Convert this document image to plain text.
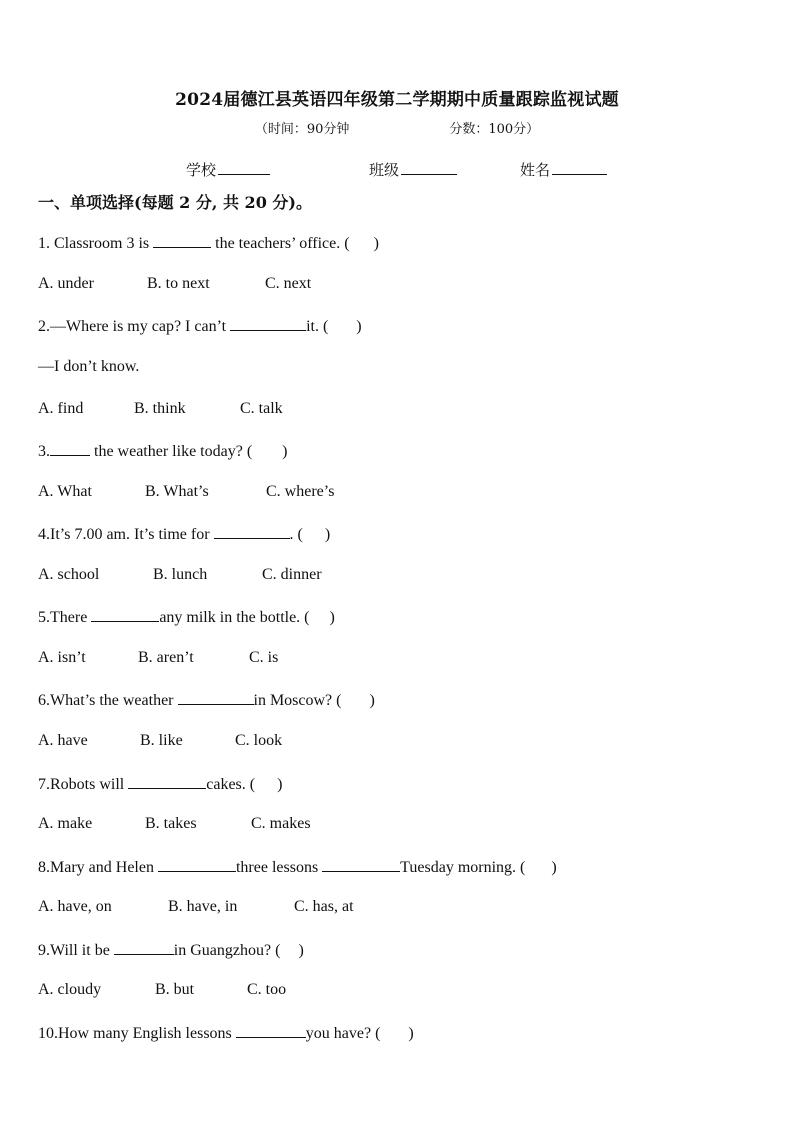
2024届德江县英语四年级第二学期期中质量跟踪监视试题
（时间：90分钟	分数：100分）
学校	班级	姓名
一、单项选择(每题 2 分, 共 20 分)。
1. Classroom 3 is	the teachers’ office. ( )
A. under	B. to next	C. next
2.—Where is my cap? I can’t	it. ( )
—I don’t know.
A. find	B. think	C. talk
3.	the weather like today? ( )
A. What	B. What’s	C. where’s
4.It’s 7.00 am. It’s time for	. ( )
A. school	B. lunch	C. dinner
5.There	any milk in the bottle. ( )
A. isn’t	B. aren’t	C. is
6.What’s the weather	in Moscow? ( )
A. have	B. like	C. look
7.Robots will	cakes. ( )
A. make	B. takes	C. makes
8.Mary and Helen	three lessons	Tuesday morning. ( )
A. have, on	B. have, in	C. has, at
9.Will it be	in Guangzhou? ( )
A. cloudy	B. but	C. too
10.How many English lessons	you have? ( )
